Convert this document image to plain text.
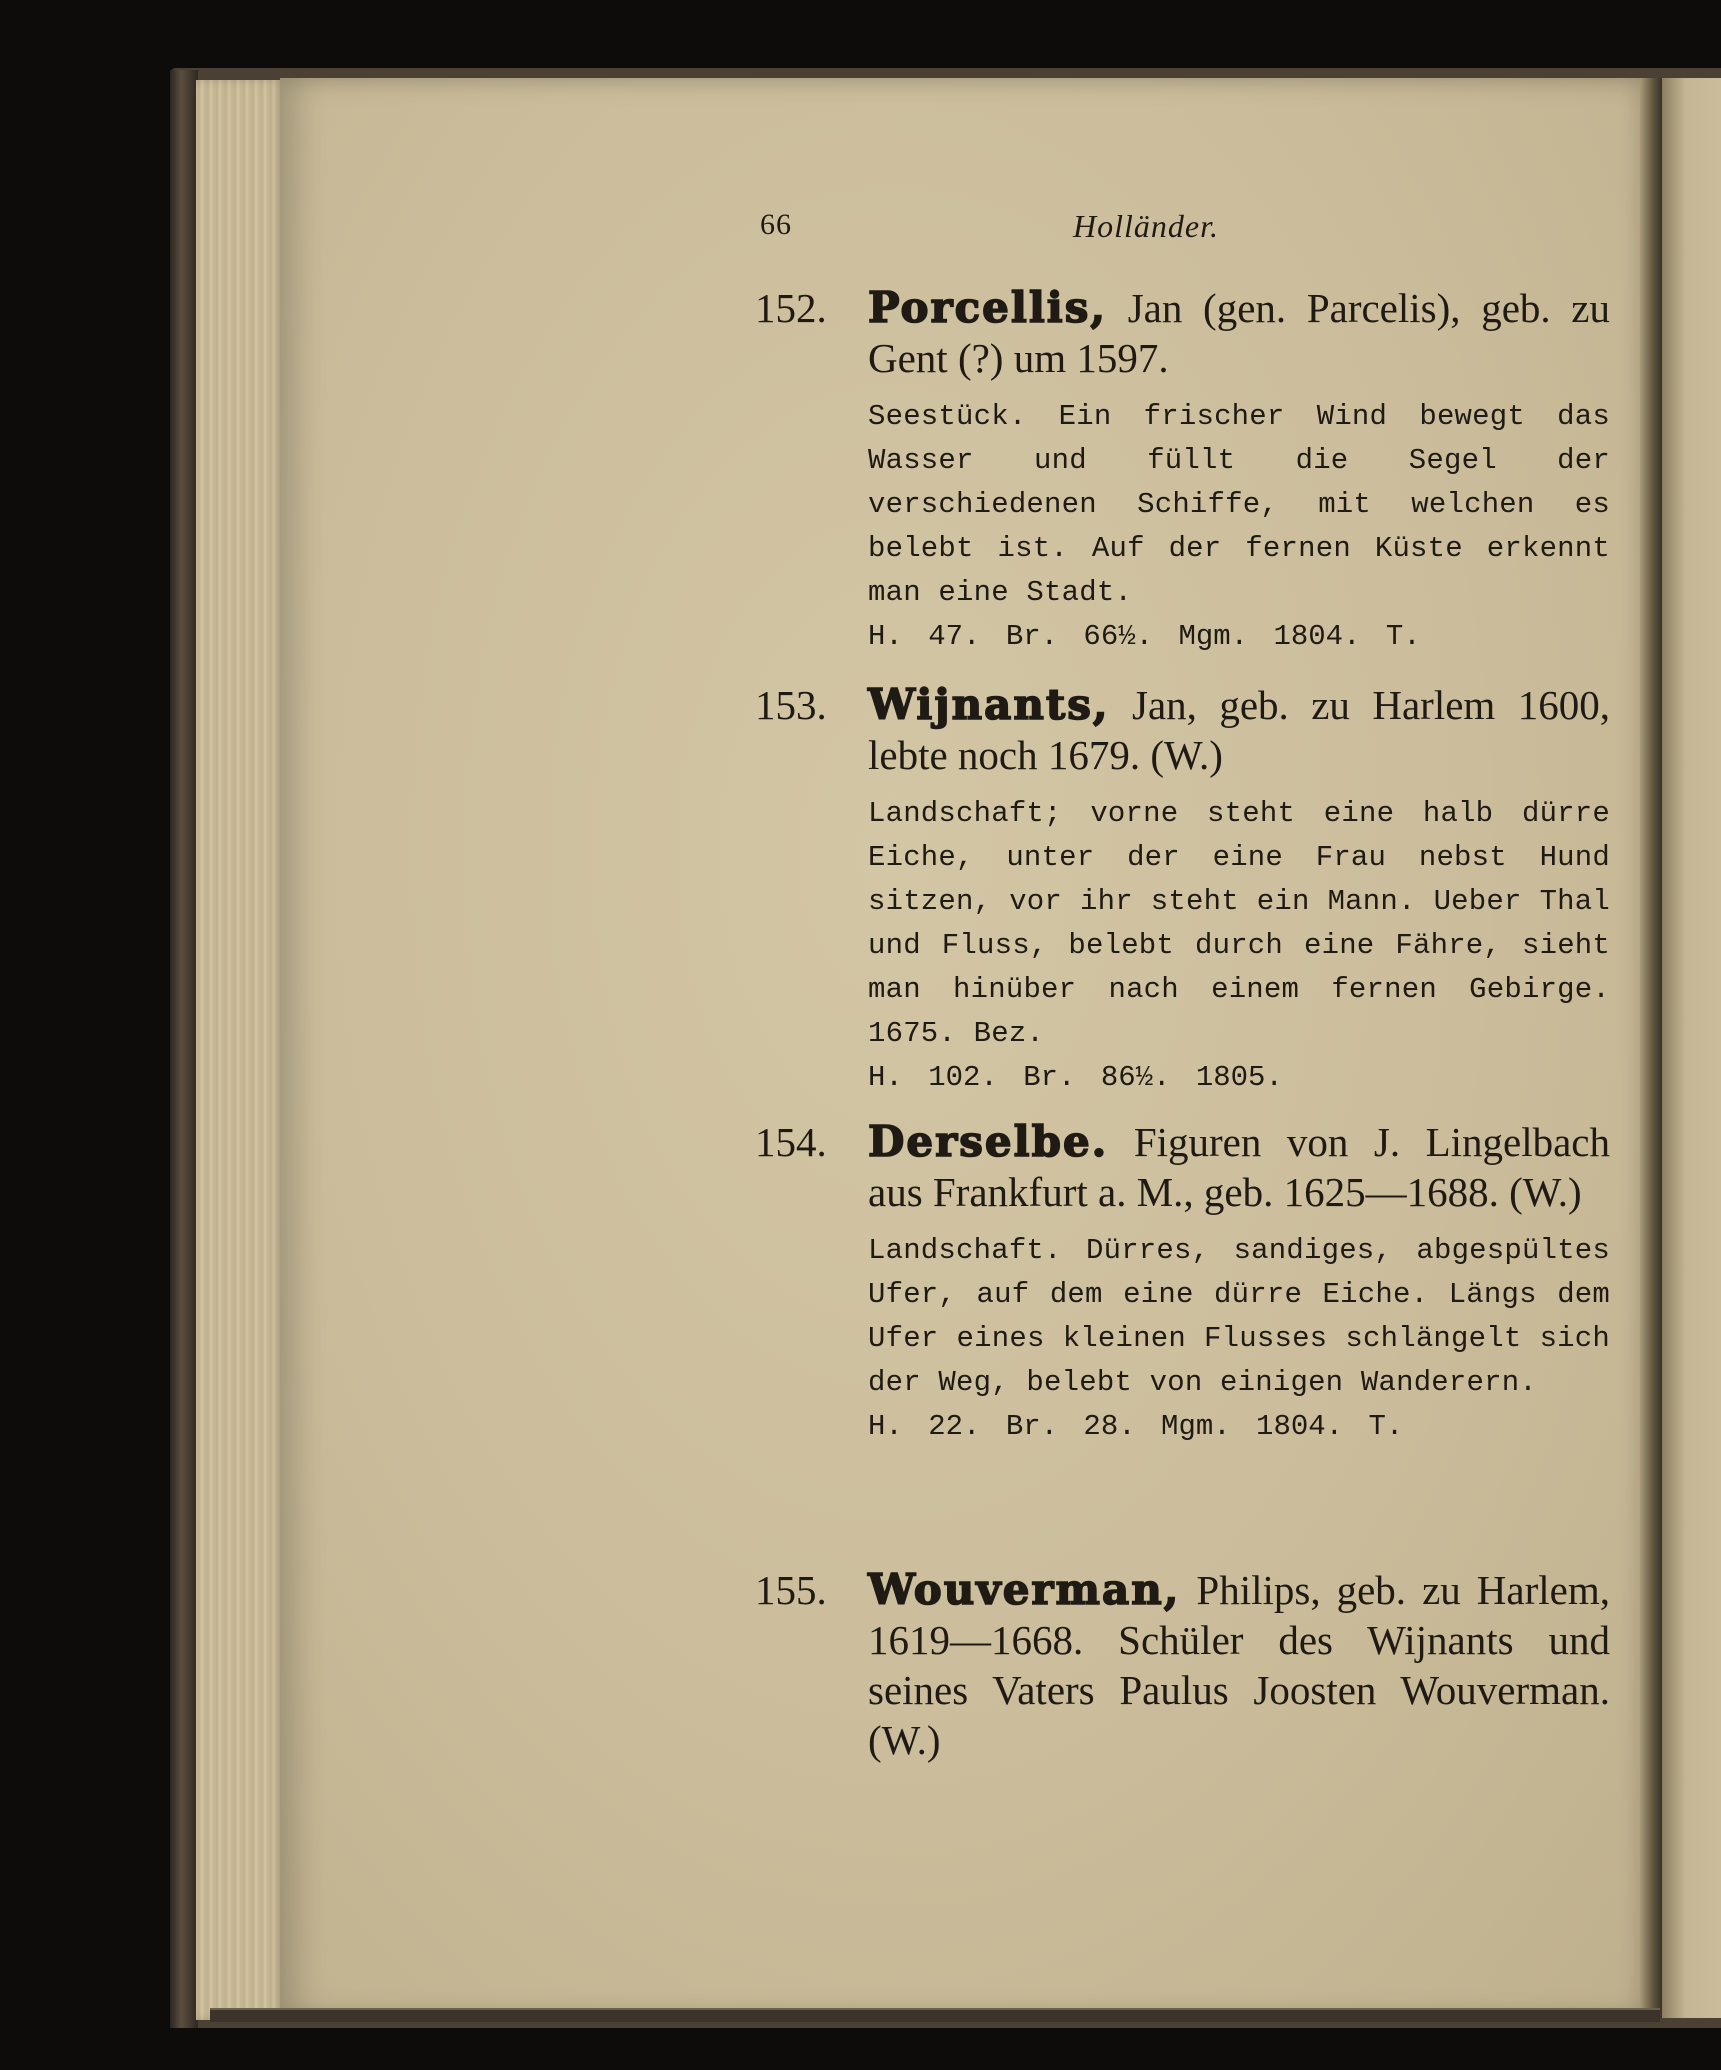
66	Holländer.
152. Porcellis, Jan (gen. Parcelis), geb. zu Gent (?) um 1597.
Seestück. Ein frischer Wind bewegt das Wasser und füllt die Segel der verschiedenen Schiffe, mit welchen es belebt ist. Auf der fernen Küste erkennt man eine Stadt.
H. 47. Br. 66½. Mgm. 1804. T.
153. Wijnants, Jan, geb. zu Harlem 1600, lebte noch 1679. (W.)
Landschaft; vorne steht eine halb dürre Eiche, unter der eine Frau nebst Hund sitzen, vor ihr steht ein Mann. Ueber Thal und Fluss, belebt durch eine Fähre, sieht man hinüber nach einem fernen Gebirge. 1675. Bez.
H. 102. Br. 86½. 1805.
154. Derselbe. Figuren von J. Lingelbach aus Frankfurt a. M., geb. 1625—1688. (W.)
Landschaft. Dürres, sandiges, abgespültes Ufer, auf dem eine dürre Eiche. Längs dem Ufer eines kleinen Flusses schlängelt sich der Weg, belebt von einigen Wanderern.
H. 22. Br. 28. Mgm. 1804. T.
155. Wouverman, Philips, geb. zu Harlem, 1619—1668. Schüler des Wijnants und seines Vaters Paulus Joosten Wouverman. (W.)
